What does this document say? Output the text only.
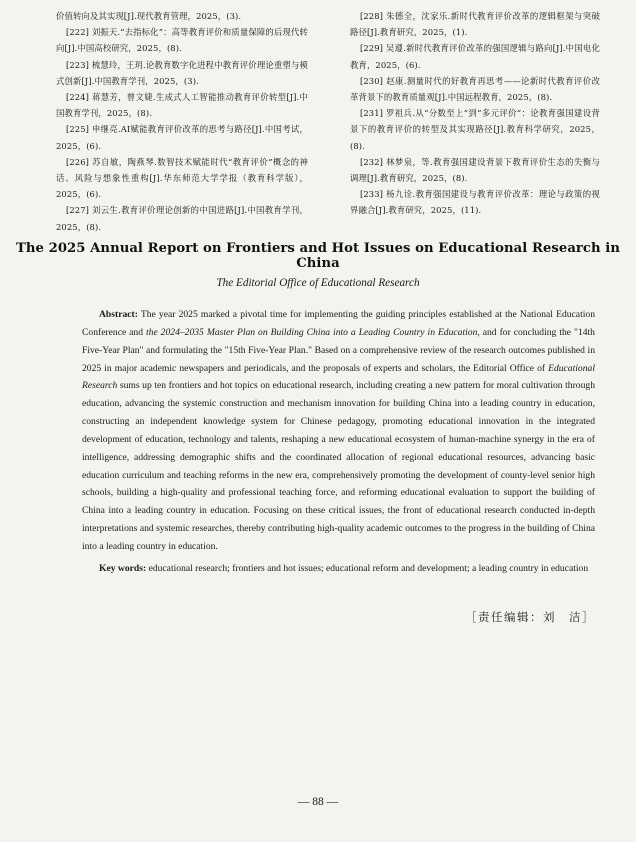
价值转向及其实现[J].现代教育管理，2025，(3).

[222] 刘振天.“去指标化”：高等教育评价和质量保障的后现代转向[J].中国高校研究，2025，(8).

[223] 梳慧玲，王玥.论教育数字化进程中教育评价理论重塑与模式创新[J].中国教育学刊，2025，(3).

[224] 蒋慧芳，曾文婕.生成式人工智能推动教育评价转型[J].中国教育学刊，2025，(8).

[225] 申继亮.AI赋能教育评价改革的思考与路径[J].中国考试，2025，(6).

[226] 苏自敏，陶燕琴.数智技术赋能时代“教育评价”概念的神话、风险与想象性重构[J].华东师范大学学报（教育科学版），2025，(6).

[227] 刘云生.教育评价理论创新的中国进路[J].中国教育学刊，2025，(8).

[228] 朱德全，沈家乐.新时代教育评价改革的逻辑框架与突破路径[J].教育研究，2025，(1).

[229] 吴遵.新时代教育评价改革的强国逻辑与路向[J].中国电化教育，2025，(6).

[230] 赵康.测量时代的好教育再思考——论新时代教育评价改革背景下的教育质量观[J].中国远程教育，2025，(8).

[231] 罗祖兵.从“分数至上”到“多元评价”：论教育强国建设背景下的教育评价的转型及其实现路径[J].教育科学研究，2025，(8).

[232] 林梦泉，等.教育强国建设背景下教育评价生态的失衡与调理[J].教育研究，2025，(8).

[233] 杨九诠.教育强国建设与教育评价改革：理论与政策的视界融合[J].教育研究，2025，(11).

The 2025 Annual Report on Frontiers and Hot Issues on Educational Research in China

The Editorial Office of Educational Research

Abstract: The year 2025 marked a pivotal time for implementing the guiding principles established at the National Education Conference and the 2024–2035 Master Plan on Building China into a Leading Country in Education, and for concluding the "14th Five-Year Plan" and formulating the "15th Five-Year Plan." Based on a comprehensive review of the research outcomes published in 2025 in major academic newspapers and periodicals, and the proposals of experts and scholars, the Editorial Office of Educational Research sums up ten frontiers and hot topics on educational research, including creating a new pattern for moral cultivation through education, advancing the systemic construction and mechanism innovation for building China into a leading country in education, constructing an independent knowledge system for Chinese pedagogy, promoting educational innovation in the integrated development of education, technology and talents, reshaping a new educational ecosystem of human-machine synergy in the era of intelligence, addressing demographic shifts and the coordinated allocation of regional educational resources, advancing basic education curriculum and teaching reforms in the new era, comprehensively promoting the development of county-level senior high schools, building a high-quality and professional teaching force, and reforming educational evaluation to support the building of China into a leading country in education. Focusing on these critical issues, the front of educational research conducted in-depth interpretations and systemic researches, thereby contributing high-quality academic outcomes to the progress in the building of China into a leading country in education.

Key words: educational research; frontiers and hot issues; educational reform and development; a leading country in education

［责任编辑：刘　洁］

— 88 —
